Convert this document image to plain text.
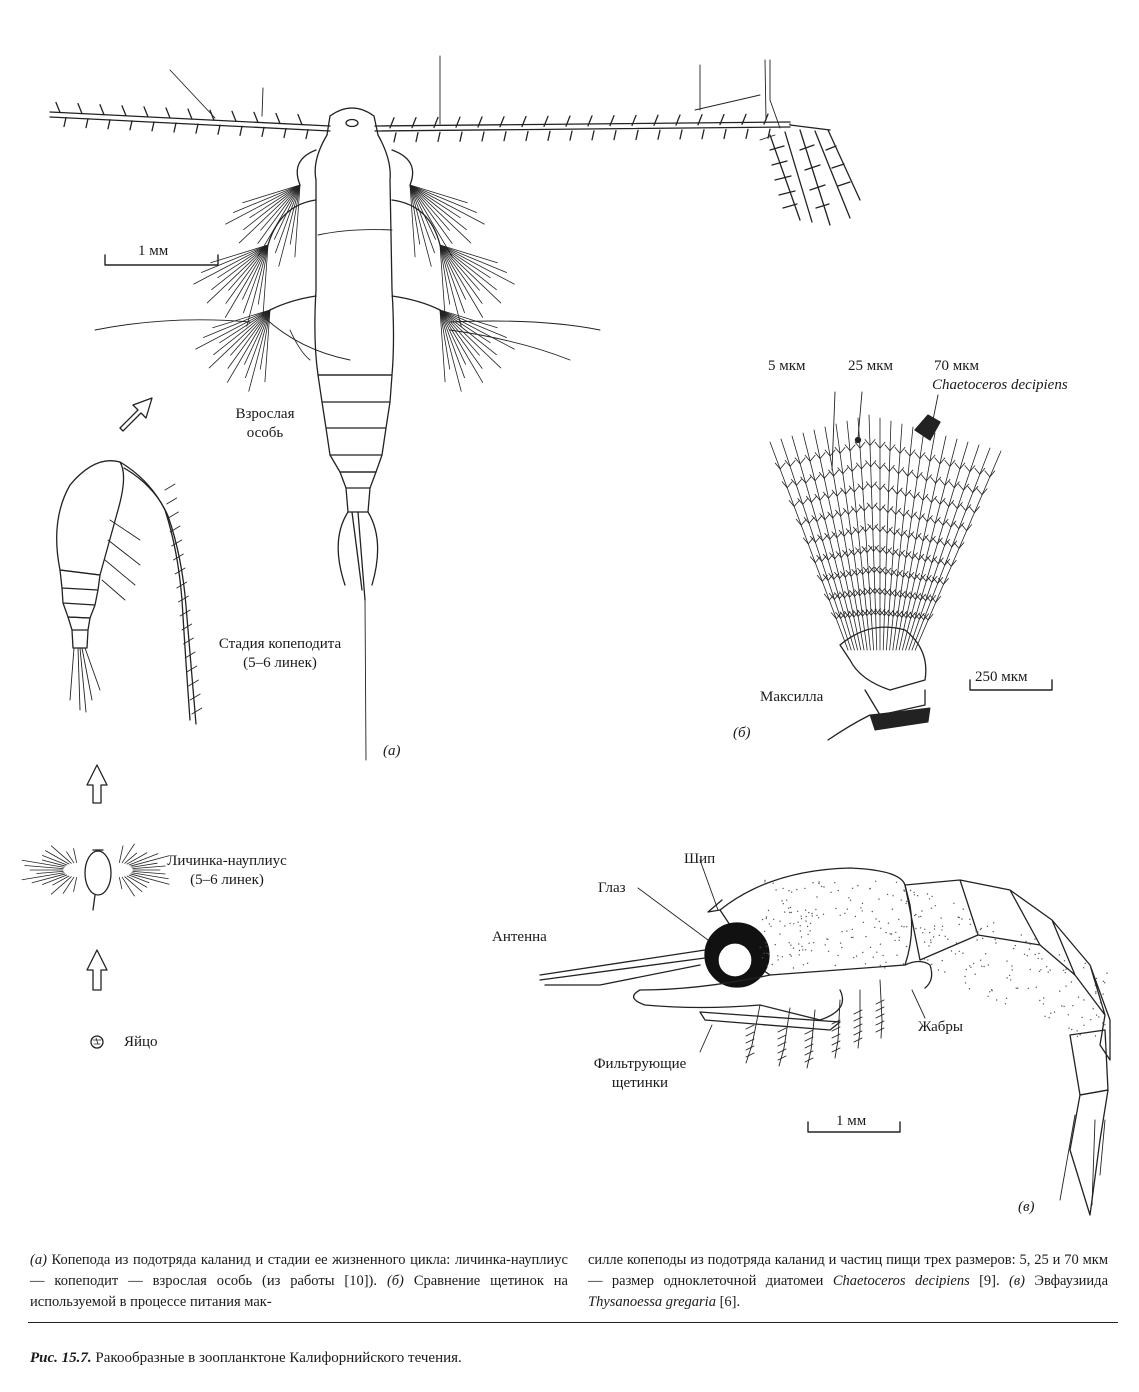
1 мм
Взрослая
особь
Стадия копеподита
(5–6 линек)
(а)
Личинка-науплиус
(5–6 линек)
Яйцо
5 мкм	25 мкм	70 мкм
Chaetoceros decipiens
250 мкм
Максилла
(б)
Шип
Глаз
Антенна
Жабры
Фильтрующие
щетинки
1 мм
(в)
(а) Копепода из подотряда каланид и стадии ее жизненного цикла: личинка-науплиус — копеподит — взрослая особь (из работы [10]). (б) Сравнение щетинок на используемой в процессе питания мак-
силле копеподы из подотряда каланид и частиц пищи трех размеров: 5, 25 и 70 мкм — размер одноклеточной диатомеи Chaetoceros decipiens [9]. (в) Эвфаузиида Thysanoessa gregaria [6].
Рис. 15.7. Ракообразные в зоопланктоне Калифорнийского течения.
